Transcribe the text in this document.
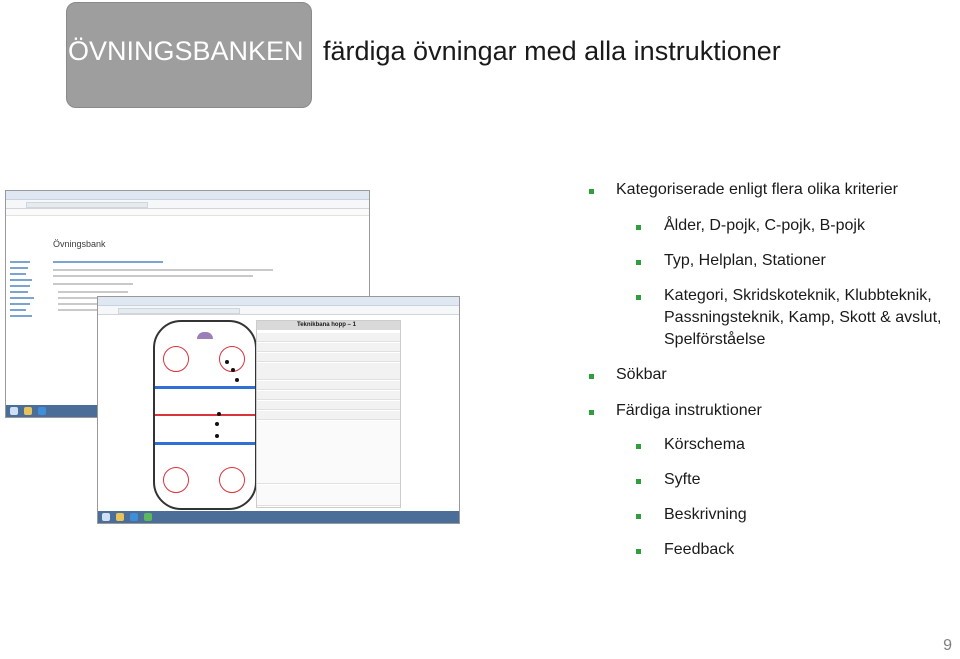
ÖVNINGSBANKEN färdiga övningar med alla instruktioner
Övningsbank
Teknikbana hopp – 1
Kategoriserade enligt flera olika kriterier
Ålder, D-pojk, C-pojk, B-pojk
Typ, Helplan, Stationer
Kategori, Skridskoteknik, Klubbteknik,
Passningsteknik, Kamp, Skott & avslut,
Spelförståelse
Sökbar
Färdiga instruktioner
Körschema
Syfte
Beskrivning
Feedback
9
